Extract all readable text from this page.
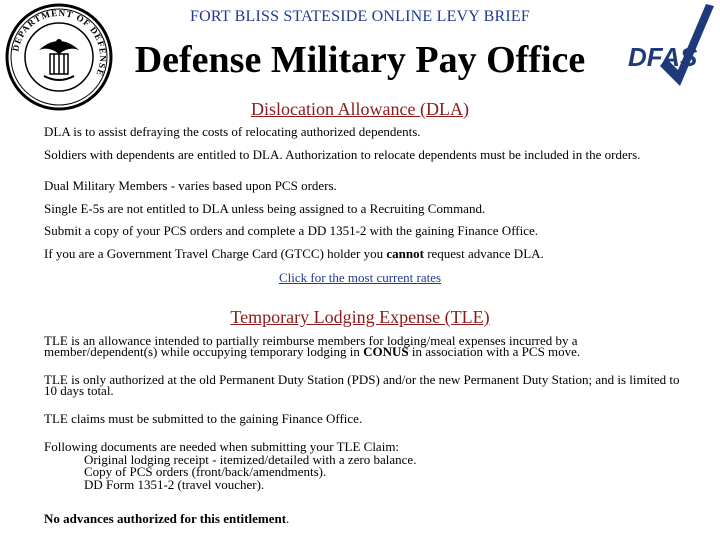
DEPARTMENT OF DEFENSE
DFAS
FORT BLISS STATESIDE ONLINE LEVY BRIEF
Defense Military Pay Office
Dislocation Allowance (DLA)
DLA is to assist defraying the costs of relocating authorized dependents.
Soldiers with dependents are entitled to DLA. Authorization to relocate dependents must be included in the orders.
Dual Military Members - varies based upon PCS orders.
Single E-5s are not entitled to DLA unless being assigned to a Recruiting Command.
Submit a copy of your PCS orders and complete a DD 1351-2 with the gaining Finance Office.
If you are a Government Travel Charge Card (GTCC) holder you cannot request advance DLA.
Click for the most current rates
Temporary Lodging Expense (TLE)
TLE is an allowance intended to partially reimburse members for lodging/meal expenses incurred by a member/dependent(s) while occupying temporary lodging in CONUS in association with a PCS move.
TLE is only authorized at the old Permanent Duty Station (PDS) and/or the new Permanent Duty Station; and is limited to 10 days total.
TLE claims must be submitted to the gaining Finance Office.
Following documents are needed when submitting your TLE Claim:
Original lodging receipt - itemized/detailed with a zero balance.
Copy of PCS orders (front/back/amendments).
DD Form 1351-2 (travel voucher).
No advances authorized for this entitlement.
